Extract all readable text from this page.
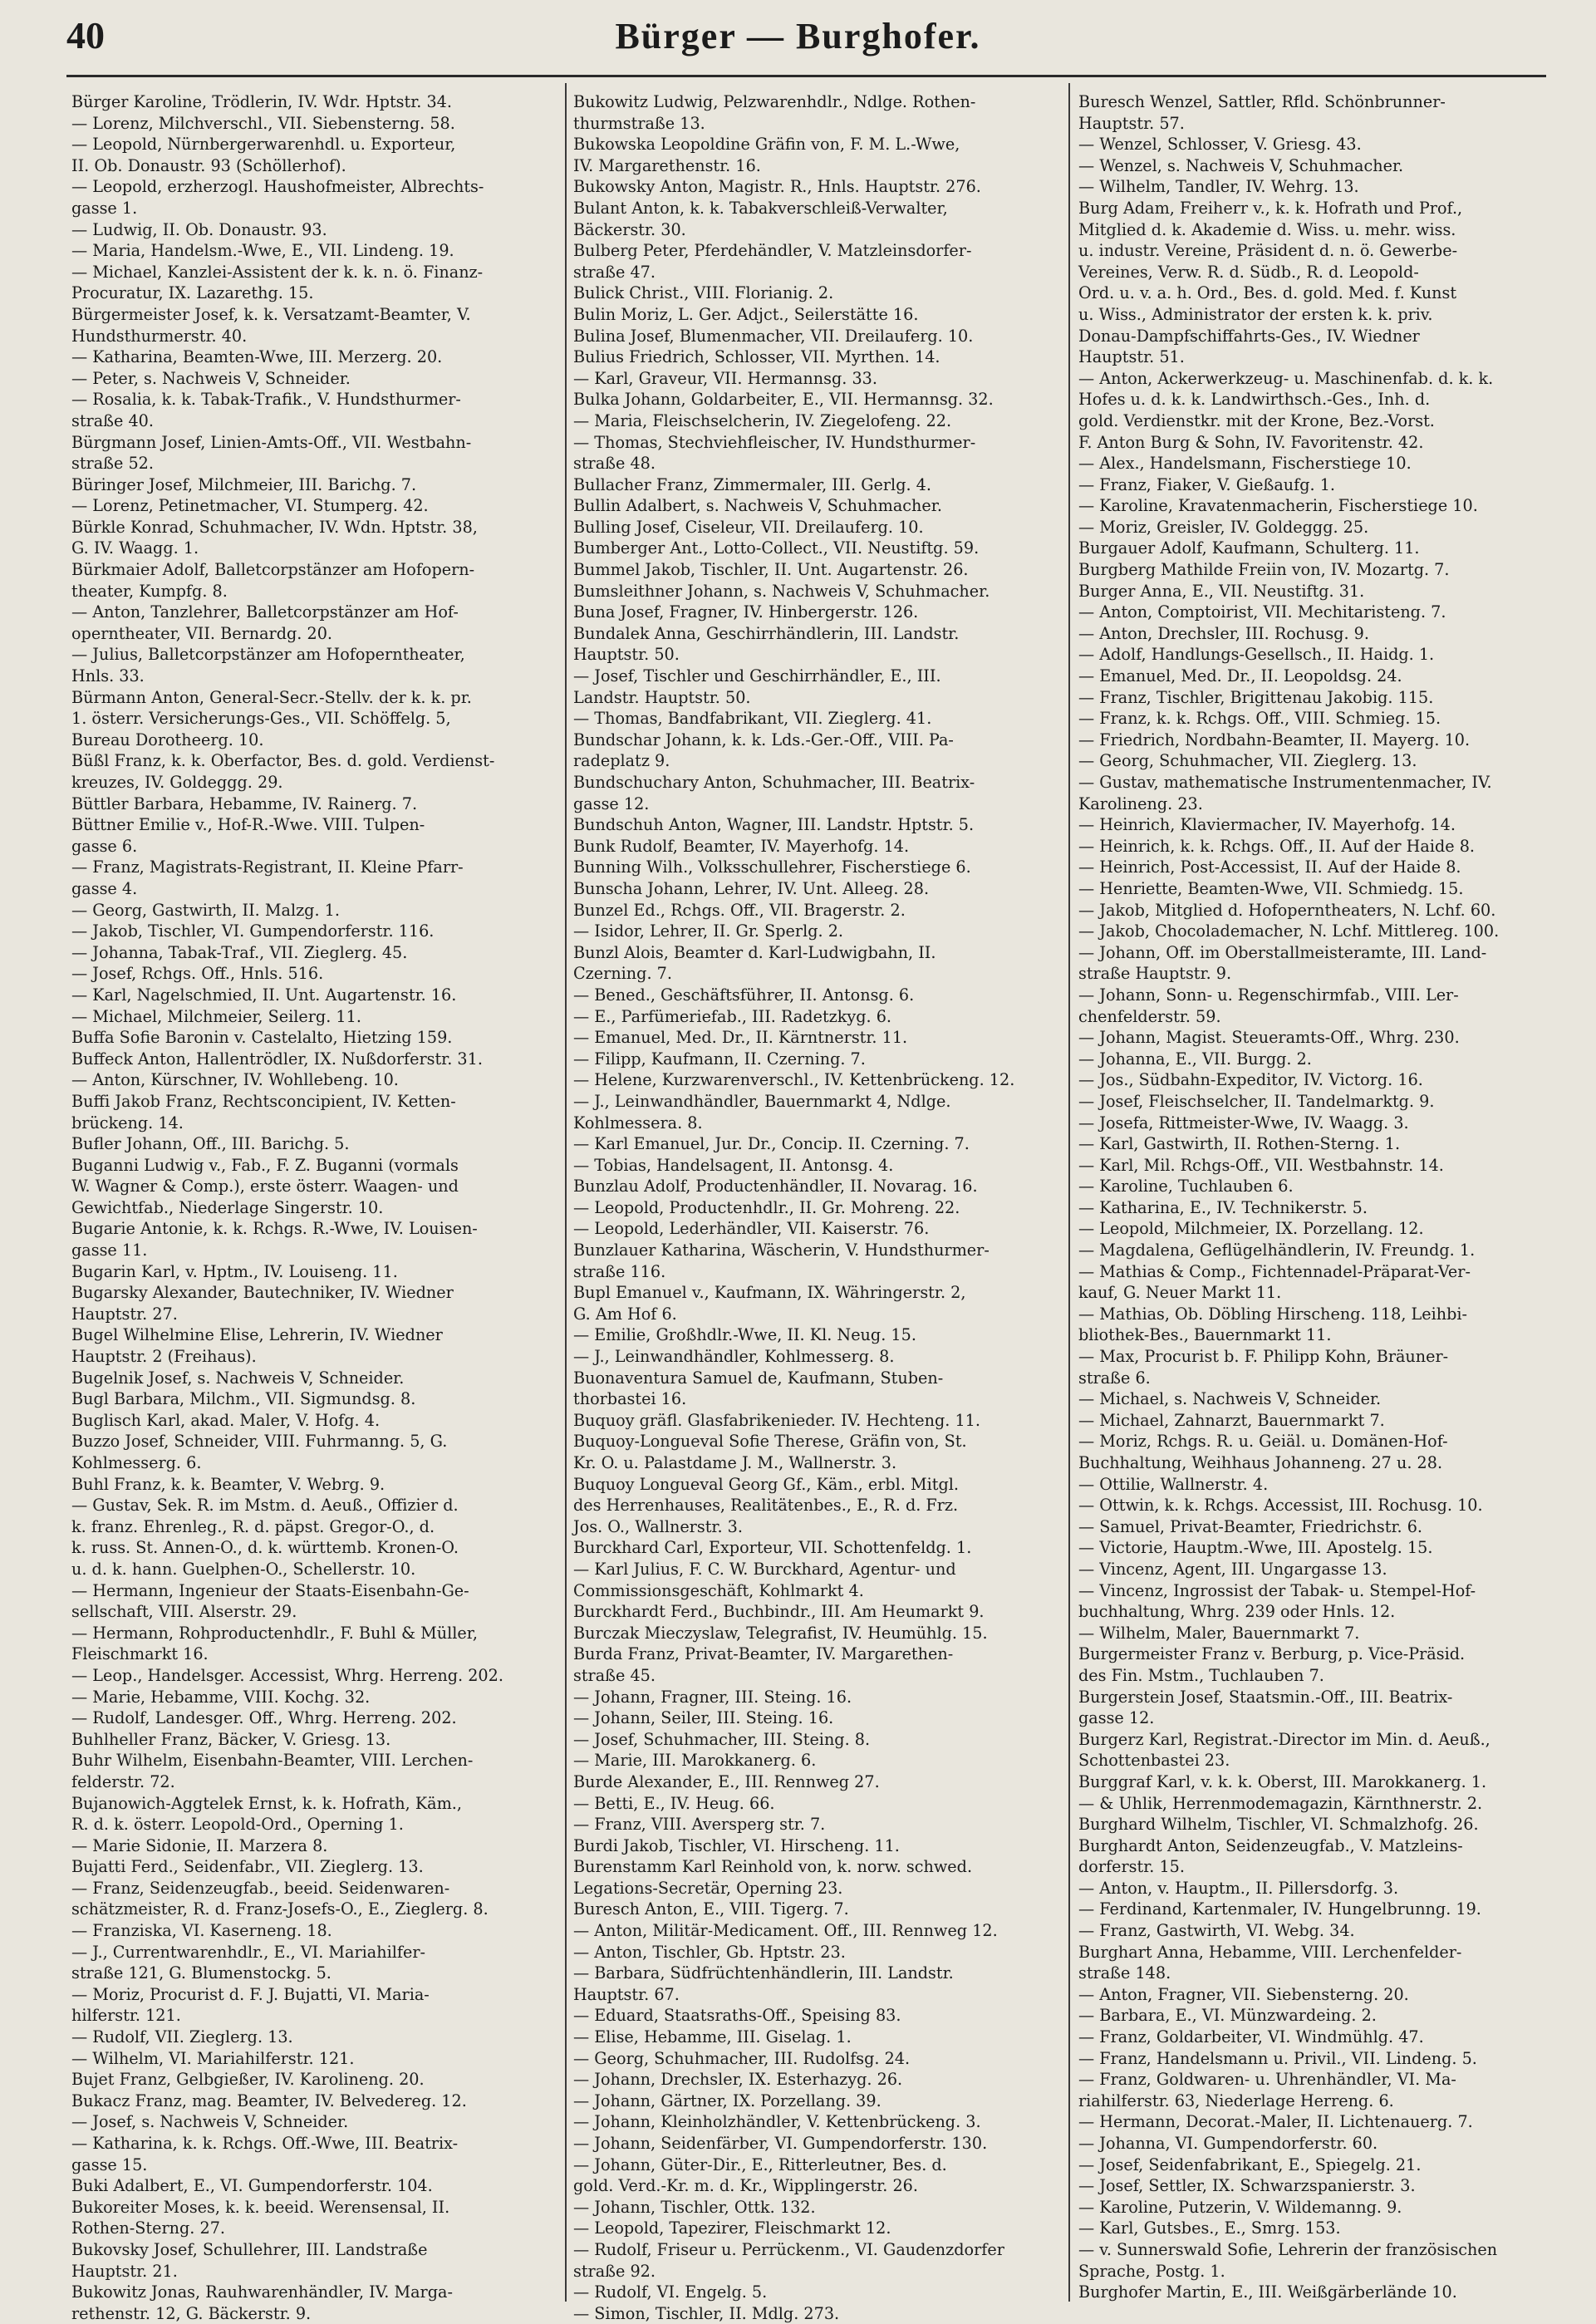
40	Bürger — Burghofer.
Bürger Karoline, Trödlerin, IV. Wdr. Hptstr. 34.
— Lorenz, Milchverschl., VII. Siebensterng. 58.
— Leopold, Nürnbergerwarenhdl. u. Exporteur,
II. Ob. Donaustr. 93 (Schöllerhof).
— Leopold, erzherzogl. Haushofmeister, Albrechts-
gasse 1.
— Ludwig, II. Ob. Donaustr. 93.
— Maria, Handelsm.-Wwe, E., VII. Lindeng. 19.
— Michael, Kanzlei-Assistent der k. k. n. ö. Finanz-
Procuratur, IX. Lazarethg. 15.
Bürgermeister Josef, k. k. Versatzamt-Beamter, V.
Hundsthurmerstr. 40.
— Katharina, Beamten-Wwe, III. Merzerg. 20.
— Peter, s. Nachweis V, Schneider.
— Rosalia, k. k. Tabak-Trafik., V. Hundsthurmer-
straße 40.
Bürgmann Josef, Linien-Amts-Off., VII. Westbahn-
straße 52.
Büringer Josef, Milchmeier, III. Barichg. 7.
— Lorenz, Petinetmacher, VI. Stumperg. 42.
Bürkle Konrad, Schuhmacher, IV. Wdn. Hptstr. 38,
G. IV. Waagg. 1.
Bürkmaier Adolf, Balletcorpstänzer am Hofopern-
theater, Kumpfg. 8.
— Anton, Tanzlehrer, Balletcorpstänzer am Hof-
operntheater, VII. Bernardg. 20.
— Julius, Balletcorpstänzer am Hofoperntheater,
Hnls. 33.
Bürmann Anton, General-Secr.-Stellv. der k. k. pr.
1. österr. Versicherungs-Ges., VII. Schöffelg. 5,
Bureau Dorotheerg. 10.
Büßl Franz, k. k. Oberfactor, Bes. d. gold. Verdienst-
kreuzes, IV. Goldeggg. 29.
Büttler Barbara, Hebamme, IV. Rainerg. 7.
Büttner Emilie v., Hof-R.-Wwe. VIII. Tulpen-
gasse 6.
— Franz, Magistrats-Registrant, II. Kleine Pfarr-
gasse 4.
— Georg, Gastwirth, II. Malzg. 1.
— Jakob, Tischler, VI. Gumpendorferstr. 116.
— Johanna, Tabak-Traf., VII. Zieglerg. 45.
— Josef, Rchgs. Off., Hnls. 516.
— Karl, Nagelschmied, II. Unt. Augartenstr. 16.
— Michael, Milchmeier, Seilerg. 11.
Buffa Sofie Baronin v. Castelalto, Hietzing 159.
Buffeck Anton, Hallentrödler, IX. Nußdorferstr. 31.
— Anton, Kürschner, IV. Wohllebeng. 10.
Buffi Jakob Franz, Rechtsconcipient, IV. Ketten-
brückeng. 14.
Bufler Johann, Off., III. Barichg. 5.
Buganni Ludwig v., Fab., F. Z. Buganni (vormals
W. Wagner & Comp.), erste österr. Waagen- und
Gewichtfab., Niederlage Singerstr. 10.
Bugarie Antonie, k. k. Rchgs. R.-Wwe, IV. Louisen-
gasse 11.
Bugarin Karl, v. Hptm., IV. Louiseng. 11.
Bugarsky Alexander, Bautechniker, IV. Wiedner
Hauptstr. 27.
Bugel Wilhelmine Elise, Lehrerin, IV. Wiedner
Hauptstr. 2 (Freihaus).
Bugelnik Josef, s. Nachweis V, Schneider.
Bugl Barbara, Milchm., VII. Sigmundsg. 8.
Buglisch Karl, akad. Maler, V. Hofg. 4.
Buzzo Josef, Schneider, VIII. Fuhrmanng. 5, G.
Kohlmesserg. 6.
Buhl Franz, k. k. Beamter, V. Webrg. 9.
— Gustav, Sek. R. im Mstm. d. Aeuß., Offizier d.
k. franz. Ehrenleg., R. d. päpst. Gregor-O., d.
k. russ. St. Annen-O., d. k. württemb. Kronen-O.
u. d. k. hann. Guelphen-O., Schellerstr. 10.
— Hermann, Ingenieur der Staats-Eisenbahn-Ge-
sellschaft, VIII. Alserstr. 29.
— Hermann, Rohproductenhdlr., F. Buhl & Müller,
Fleischmarkt 16.
— Leop., Handelsger. Accessist, Whrg. Herreng. 202.
— Marie, Hebamme, VIII. Kochg. 32.
— Rudolf, Landesger. Off., Whrg. Herreng. 202.
Buhlheller Franz, Bäcker, V. Griesg. 13.
Buhr Wilhelm, Eisenbahn-Beamter, VIII. Lerchen-
felderstr. 72.
Bujanowich-Aggtelek Ernst, k. k. Hofrath, Käm.,
R. d. k. österr. Leopold-Ord., Operning 1.
— Marie Sidonie, II. Marzera 8.
Bujatti Ferd., Seidenfabr., VII. Zieglerg. 13.
— Franz, Seidenzeugfab., beeid. Seidenwaren-
schätzmeister, R. d. Franz-Josefs-O., E., Zieglerg. 8.
— Franziska, VI. Kaserneng. 18.
— J., Currentwarenhdlr., E., VI. Mariahilfer-
straße 121, G. Blumenstockg. 5.
— Moriz, Procurist d. F. J. Bujatti, VI. Maria-
hilferstr. 121.
— Rudolf, VII. Zieglerg. 13.
— Wilhelm, VI. Mariahilferstr. 121.
Bujet Franz, Gelbgießer, IV. Karolineng. 20.
Bukacz Franz, mag. Beamter, IV. Belvedereg. 12.
— Josef, s. Nachweis V, Schneider.
— Katharina, k. k. Rchgs. Off.-Wwe, III. Beatrix-
gasse 15.
Buki Adalbert, E., VI. Gumpendorferstr. 104.
Bukoreiter Moses, k. k. beeid. Werensensal, II.
Rothen-Sterng. 27.
Bukovsky Josef, Schullehrer, III. Landstraße
Hauptstr. 21.
Bukowitz Jonas, Rauhwarenhändler, IV. Marga-
rethenstr. 12, G. Bäckerstr. 9.
Bukowitz Ludwig, Pelzwarenhdlr., Ndlge. Rothen-
thurmstraße 13.
Bukowska Leopoldine Gräfin von, F. M. L.-Wwe,
IV. Margarethenstr. 16.
Bukowsky Anton, Magistr. R., Hnls. Hauptstr. 276.
Bulant Anton, k. k. Tabakverschleiß-Verwalter,
Bäckerstr. 30.
Bulberg Peter, Pferdehändler, V. Matzleinsdorfer-
straße 47.
Bulick Christ., VIII. Florianig. 2.
Bulin Moriz, L. Ger. Adjct., Seilerstätte 16.
Bulina Josef, Blumenmacher, VII. Dreilauferg. 10.
Bulius Friedrich, Schlosser, VII. Myrthen. 14.
— Karl, Graveur, VII. Hermannsg. 33.
Bulka Johann, Goldarbeiter, E., VII. Hermannsg. 32.
— Maria, Fleischselcherin, IV. Ziegelofeng. 22.
— Thomas, Stechviehfleischer, IV. Hundsthurmer-
straße 48.
Bullacher Franz, Zimmermaler, III. Gerlg. 4.
Bullin Adalbert, s. Nachweis V, Schuhmacher.
Bulling Josef, Ciseleur, VII. Dreilauferg. 10.
Bumberger Ant., Lotto-Collect., VII. Neustiftg. 59.
Bummel Jakob, Tischler, II. Unt. Augartenstr. 26.
Bumsleithner Johann, s. Nachweis V, Schuhmacher.
Buna Josef, Fragner, IV. Hinbergerstr. 126.
Bundalek Anna, Geschirrhändlerin, III. Landstr.
Hauptstr. 50.
— Josef, Tischler und Geschirrhändler, E., III.
Landstr. Hauptstr. 50.
— Thomas, Bandfabrikant, VII. Zieglerg. 41.
Bundschar Johann, k. k. Lds.-Ger.-Off., VIII. Pa-
radeplatz 9.
Bundschuchary Anton, Schuhmacher, III. Beatrix-
gasse 12.
Bundschuh Anton, Wagner, III. Landstr. Hptstr. 5.
Bunk Rudolf, Beamter, IV. Mayerhofg. 14.
Bunning Wilh., Volksschullehrer, Fischerstiege 6.
Bunscha Johann, Lehrer, IV. Unt. Alleeg. 28.
Bunzel Ed., Rchgs. Off., VII. Bragerstr. 2.
— Isidor, Lehrer, II. Gr. Sperlg. 2.
Bunzl Alois, Beamter d. Karl-Ludwigbahn, II.
Czerning. 7.
— Bened., Geschäftsführer, II. Antonsg. 6.
— E., Parfümeriefab., III. Radetzkyg. 6.
— Emanuel, Med. Dr., II. Kärntnerstr. 11.
— Filipp, Kaufmann, II. Czerning. 7.
— Helene, Kurzwarenverschl., IV. Kettenbrückeng. 12.
— J., Leinwandhändler, Bauernmarkt 4, Ndlge.
Kohlmessera. 8.
— Karl Emanuel, Jur. Dr., Concip. II. Czerning. 7.
— Tobias, Handelsagent, II. Antonsg. 4.
Bunzlau Adolf, Productenhändler, II. Novarag. 16.
— Leopold, Productenhdlr., II. Gr. Mohreng. 22.
— Leopold, Lederhändler, VII. Kaiserstr. 76.
Bunzlauer Katharina, Wäscherin, V. Hundsthurmer-
straße 116.
Bupl Emanuel v., Kaufmann, IX. Währingerstr. 2,
G. Am Hof 6.
— Emilie, Großhdlr.-Wwe, II. Kl. Neug. 15.
— J., Leinwandhändler, Kohlmesserg. 8.
Buonaventura Samuel de, Kaufmann, Stuben-
thorbastei 16.
Buquoy gräfl. Glasfabrikenieder. IV. Hechteng. 11.
Buquoy-Longueval Sofie Therese, Gräfin von, St.
Kr. O. u. Palastdame J. M., Wallnerstr. 3.
Buquoy Longueval Georg Gf., Käm., erbl. Mitgl.
des Herrenhauses, Realitätenbes., E., R. d. Frz.
Jos. O., Wallnerstr. 3.
Burckhard Carl, Exporteur, VII. Schottenfeldg. 1.
— Karl Julius, F. C. W. Burckhard, Agentur- und
Commissionsgeschäft, Kohlmarkt 4.
Burckhardt Ferd., Buchbindr., III. Am Heumarkt 9.
Burczak Mieczyslaw, Telegrafist, IV. Heumühlg. 15.
Burda Franz, Privat-Beamter, IV. Margarethen-
straße 45.
— Johann, Fragner, III. Steing. 16.
— Johann, Seiler, III. Steing. 16.
— Josef, Schuhmacher, III. Steing. 8.
— Marie, III. Marokkanerg. 6.
Burde Alexander, E., III. Rennweg 27.
— Betti, E., IV. Heug. 66.
— Franz, VIII. Aversperg str. 7.
Burdi Jakob, Tischler, VI. Hirscheng. 11.
Burenstamm Karl Reinhold von, k. norw. schwed.
Legations-Secretär, Operning 23.
Buresch Anton, E., VIII. Tigerg. 7.
— Anton, Militär-Medicament. Off., III. Rennweg 12.
— Anton, Tischler, Gb. Hptstr. 23.
— Barbara, Südfrüchtenhändlerin, III. Landstr.
Hauptstr. 67.
— Eduard, Staatsraths-Off., Speising 83.
— Elise, Hebamme, III. Giselag. 1.
— Georg, Schuhmacher, III. Rudolfsg. 24.
— Johann, Drechsler, IX. Esterhazyg. 26.
— Johann, Gärtner, IX. Porzellang. 39.
— Johann, Kleinholzhändler, V. Kettenbrückeng. 3.
— Johann, Seidenfärber, VI. Gumpendorferstr. 130.
— Johann, Güter-Dir., E., Ritterleutner, Bes. d.
gold. Verd.-Kr. m. d. Kr., Wipplingerstr. 26.
— Johann, Tischler, Ottk. 132.
— Leopold, Tapezirer, Fleischmarkt 12.
— Rudolf, Friseur u. Perrückenm., VI. Gaudenzdorfer
straße 92.
— Rudolf, VI. Engelg. 5.
— Simon, Tischler, II. Mdlg. 273.
Buresch Wenzel, Sattler, Rfld. Schönbrunner-
Hauptstr. 57.
— Wenzel, Schlosser, V. Griesg. 43.
— Wenzel, s. Nachweis V, Schuhmacher.
— Wilhelm, Tandler, IV. Wehrg. 13.
Burg Adam, Freiherr v., k. k. Hofrath und Prof.,
Mitglied d. k. Akademie d. Wiss. u. mehr. wiss.
u. industr. Vereine, Präsident d. n. ö. Gewerbe-
Vereines, Verw. R. d. Südb., R. d. Leopold-
Ord. u. v. a. h. Ord., Bes. d. gold. Med. f. Kunst
u. Wiss., Administrator der ersten k. k. priv.
Donau-Dampfschiffahrts-Ges., IV. Wiedner
Hauptstr. 51.
— Anton, Ackerwerkzeug- u. Maschinenfab. d. k. k.
Hofes u. d. k. k. Landwirthsch.-Ges., Inh. d.
gold. Verdienstkr. mit der Krone, Bez.-Vorst.
F. Anton Burg & Sohn, IV. Favoritenstr. 42.
— Alex., Handelsmann, Fischerstiege 10.
— Franz, Fiaker, V. Gießaufg. 1.
— Karoline, Kravatenmacherin, Fischerstiege 10.
— Moriz, Greisler, IV. Goldeggg. 25.
Burgauer Adolf, Kaufmann, Schulterg. 11.
Burgberg Mathilde Freiin von, IV. Mozartg. 7.
Burger Anna, E., VII. Neustiftg. 31.
— Anton, Comptoirist, VII. Mechitaristeng. 7.
— Anton, Drechsler, III. Rochusg. 9.
— Adolf, Handlungs-Gesellsch., II. Haidg. 1.
— Emanuel, Med. Dr., II. Leopoldsg. 24.
— Franz, Tischler, Brigittenau Jakobig. 115.
— Franz, k. k. Rchgs. Off., VIII. Schmieg. 15.
— Friedrich, Nordbahn-Beamter, II. Mayerg. 10.
— Georg, Schuhmacher, VII. Zieglerg. 13.
— Gustav, mathematische Instrumentenmacher, IV.
Karolineng. 23.
— Heinrich, Klaviermacher, IV. Mayerhofg. 14.
— Heinrich, k. k. Rchgs. Off., II. Auf der Haide 8.
— Heinrich, Post-Accessist, II. Auf der Haide 8.
— Henriette, Beamten-Wwe, VII. Schmiedg. 15.
— Jakob, Mitglied d. Hofoperntheaters, N. Lchf. 60.
— Jakob, Chocolademacher, N. Lchf. Mittlereg. 100.
— Johann, Off. im Oberstallmeisteramte, III. Land-
straße Hauptstr. 9.
— Johann, Sonn- u. Regenschirmfab., VIII. Ler-
chenfelderstr. 59.
— Johann, Magist. Steueramts-Off., Whrg. 230.
— Johanna, E., VII. Burgg. 2.
— Jos., Südbahn-Expeditor, IV. Victorg. 16.
— Josef, Fleischselcher, II. Tandelmarktg. 9.
— Josefa, Rittmeister-Wwe, IV. Waagg. 3.
— Karl, Gastwirth, II. Rothen-Sterng. 1.
— Karl, Mil. Rchgs-Off., VII. Westbahnstr. 14.
— Karoline, Tuchlauben 6.
— Katharina, E., IV. Technikerstr. 5.
— Leopold, Milchmeier, IX. Porzellang. 12.
— Magdalena, Geflügelhändlerin, IV. Freundg. 1.
— Mathias & Comp., Fichtennadel-Präparat-Ver-
kauf, G. Neuer Markt 11.
— Mathias, Ob. Döbling Hirscheng. 118, Leihbi-
bliothek-Bes., Bauernmarkt 11.
— Max, Procurist b. F. Philipp Kohn, Bräuner-
straße 6.
— Michael, s. Nachweis V, Schneider.
— Michael, Zahnarzt, Bauernmarkt 7.
— Moriz, Rchgs. R. u. Geiäl. u. Domänen-Hof-
Buchhaltung, Weihhaus Johanneng. 27 u. 28.
— Ottilie, Wallnerstr. 4.
— Ottwin, k. k. Rchgs. Accessist, III. Rochusg. 10.
— Samuel, Privat-Beamter, Friedrichstr. 6.
— Victorie, Hauptm.-Wwe, III. Apostelg. 15.
— Vincenz, Agent, III. Ungargasse 13.
— Vincenz, Ingrossist der Tabak- u. Stempel-Hof-
buchhaltung, Whrg. 239 oder Hnls. 12.
— Wilhelm, Maler, Bauernmarkt 7.
Burgermeister Franz v. Berburg, p. Vice-Präsid.
des Fin. Mstm., Tuchlauben 7.
Burgerstein Josef, Staatsmin.-Off., III. Beatrix-
gasse 12.
Burgerz Karl, Registrat.-Director im Min. d. Aeuß.,
Schottenbastei 23.
Burggraf Karl, v. k. k. Oberst, III. Marokkanerg. 1.
— & Uhlik, Herrenmodemagazin, Kärnthnerstr. 2.
Burghard Wilhelm, Tischler, VI. Schmalzhofg. 26.
Burghardt Anton, Seidenzeugfab., V. Matzleins-
dorferstr. 15.
— Anton, v. Hauptm., II. Pillersdorfg. 3.
— Ferdinand, Kartenmaler, IV. Hungelbrunng. 19.
— Franz, Gastwirth, VI. Webg. 34.
Burghart Anna, Hebamme, VIII. Lerchenfelder-
straße 148.
— Anton, Fragner, VII. Siebensterng. 20.
— Barbara, E., VI. Münzwardeing. 2.
— Franz, Goldarbeiter, VI. Windmühlg. 47.
— Franz, Handelsmann u. Privil., VII. Lindeng. 5.
— Franz, Goldwaren- u. Uhrenhändler, VI. Ma-
riahilferstr. 63, Niederlage Herreng. 6.
— Hermann, Decorat.-Maler, II. Lichtenauerg. 7.
— Johanna, VI. Gumpendorferstr. 60.
— Josef, Seidenfabrikant, E., Spiegelg. 21.
— Josef, Settler, IX. Schwarzspanierstr. 3.
— Karoline, Putzerin, V. Wildemanng. 9.
— Karl, Gutsbes., E., Smrg. 153.
— v. Sunnerswald Sofie, Lehrerin der französischen
Sprache, Postg. 1.
Burghofer Martin, E., III. Weißgärberlände 10.
